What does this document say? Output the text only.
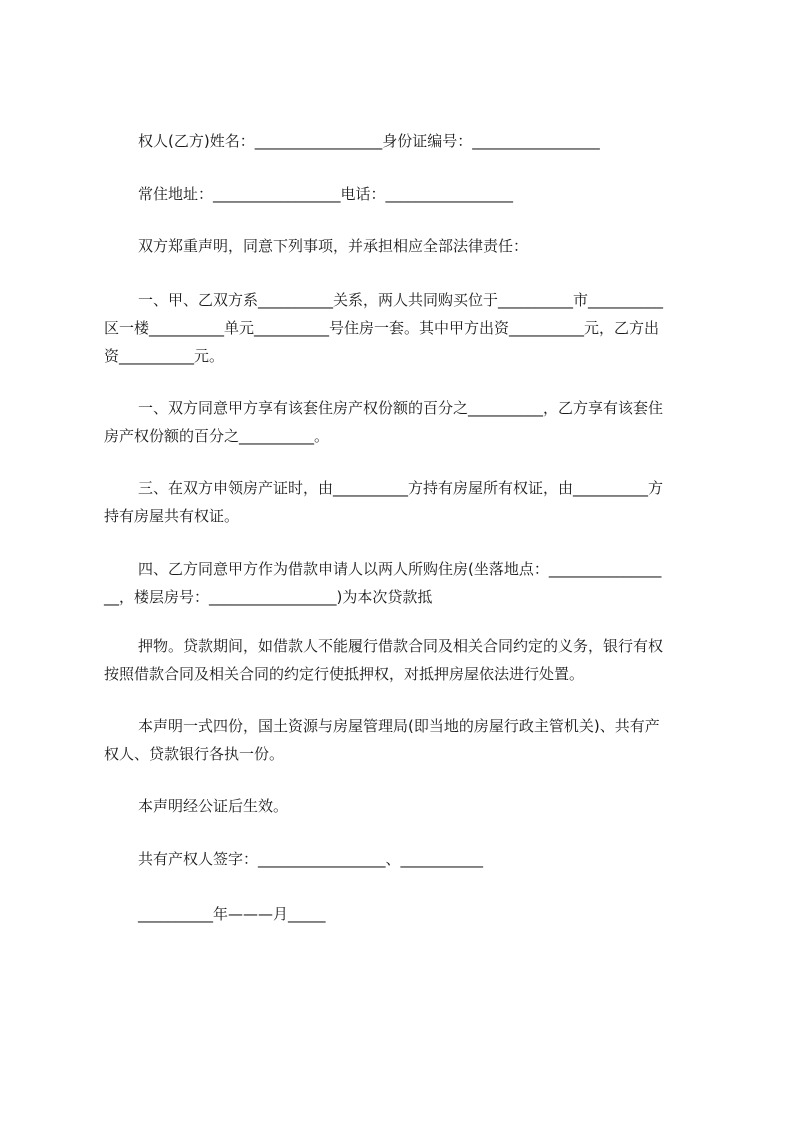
权人(乙方)姓名：_________________身份证编号：_________________
常住地址：_________________电话：_________________
双方郑重声明，同意下列事项，并承担相应全部法律责任：
一、甲、乙双方系__________关系，两人共同购买位于__________市__________
区一楼__________单元__________号住房一套。其中甲方出资__________元，乙方出
资__________元。
一、双方同意甲方享有该套住房产权份额的百分之__________，乙方享有该套住
房产权份额的百分之__________。
三、在双方申领房产证时，由__________方持有房屋所有权证，由__________方
持有房屋共有权证。
四、乙方同意甲方作为借款申请人以两人所购住房(坐落地点：_______________
__，楼层房号：_________________)为本次贷款抵
押物。贷款期间，如借款人不能履行借款合同及相关合同约定的义务，银行有权
按照借款合同及相关合同的约定行使抵押权，对抵押房屋依法进行处置。
本声明一式四份，国土资源与房屋管理局(即当地的房屋行政主管机关)、共有产
权人、贷款银行各执一份。
本声明经公证后生效。
共有产权人签字：_________________、___________
__________年———月_____
